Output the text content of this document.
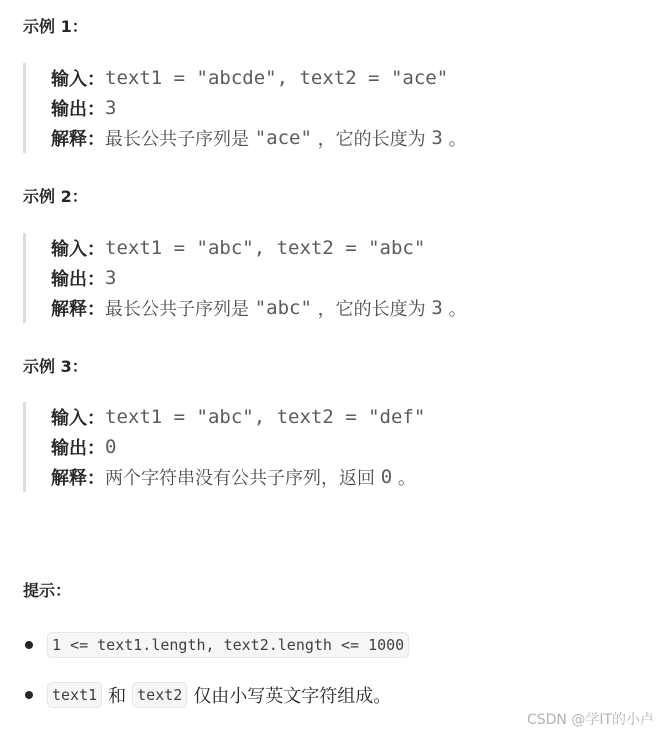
示例 1：
输入： text1 = "abcde", text2 = "ace"
输出： 3
解释： 最长公共子序列是 "ace" ，它的长度为 3 。
示例 2：
输入： text1 = "abc", text2 = "abc"
输出： 3
解释： 最长公共子序列是 "abc" ，它的长度为 3 。
示例 3：
输入： text1 = "abc", text2 = "def"
输出： 0
解释： 两个字符串没有公共子序列，返回 0 。
提示：
1 <= text1.length, text2.length <= 1000
text1 和 text2 仅由小写英文字符组成。
CSDN @学IT的小卢
